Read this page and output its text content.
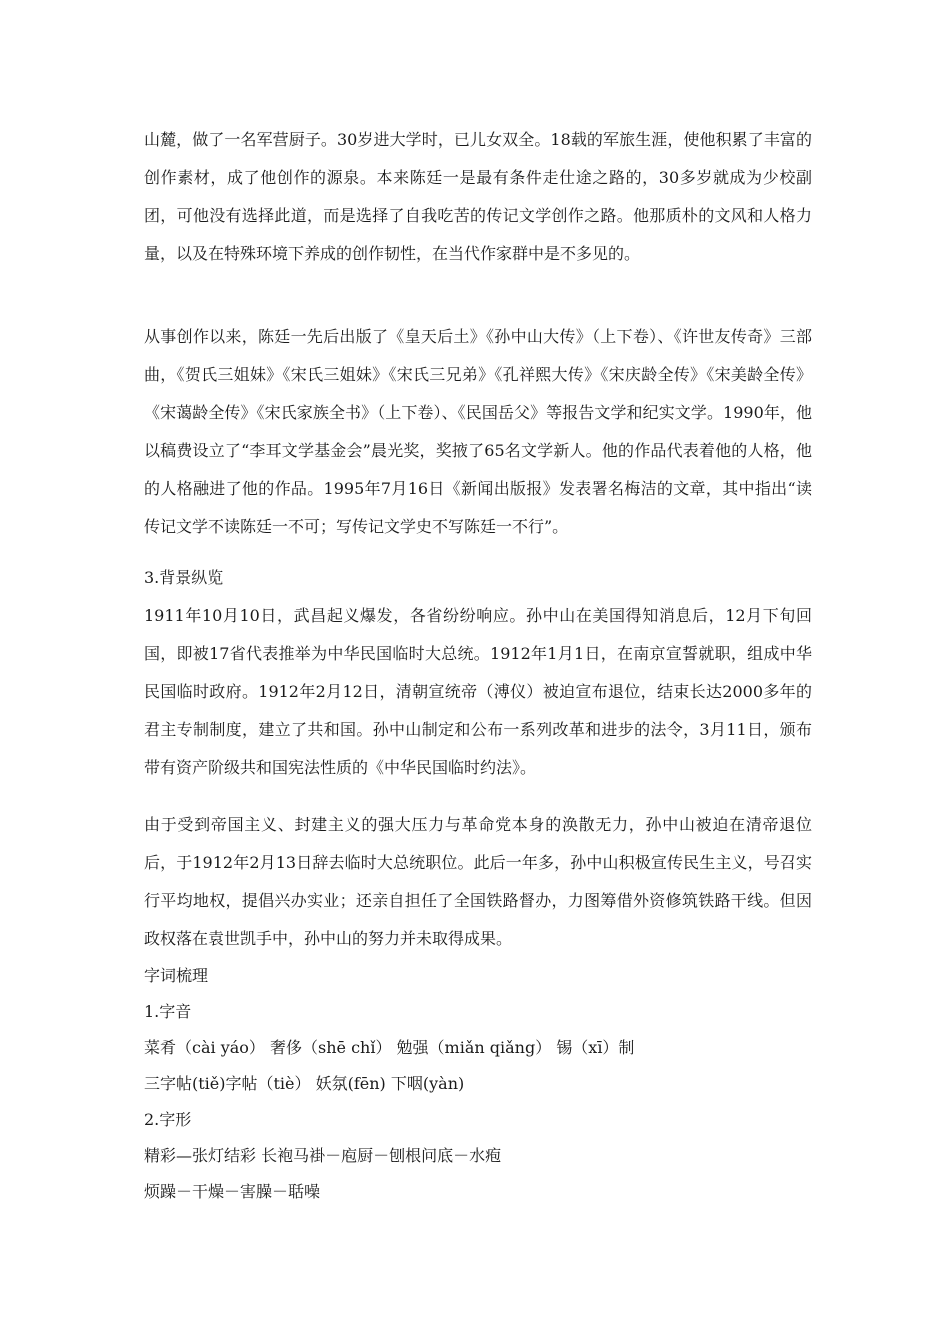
山麓，做了一名军营厨子。30岁进大学时，已儿女双全。18载的军旅生涯，使他积累了丰富的创作素材，成了他创作的源泉。本来陈廷一是最有条件走仕途之路的，30多岁就成为少校副团，可他没有选择此道，而是选择了自我吃苦的传记文学创作之路。他那质朴的文风和人格力量，以及在特殊环境下养成的创作韧性，在当代作家群中是不多见的。

从事创作以来，陈廷一先后出版了《皇天后土》《孙中山大传》（上下卷）、《许世友传奇》三部曲，《贺氏三姐妹》《宋氏三姐妹》《宋氏三兄弟》《孔祥熙大传》《宋庆龄全传》《宋美龄全传》《宋蔼龄全传》《宋氏家族全书》（上下卷）、《民国岳父》等报告文学和纪实文学。1990年，他以稿费设立了“李耳文学基金会”晨光奖，奖掖了65名文学新人。他的作品代表着他的人格，他的人格融进了他的作品。1995年7月16日《新闻出版报》发表署名梅洁的文章，其中指出“读传记文学不读陈廷一不可；写传记文学史不写陈廷一不行”。

3.背景纵览

1911年10月10日，武昌起义爆发，各省纷纷响应。孙中山在美国得知消息后，12月下旬回国，即被17省代表推举为中华民国临时大总统。1912年1月1日，在南京宣誓就职，组成中华民国临时政府。1912年2月12日，清朝宣统帝（溥仪）被迫宣布退位，结束长达2000多年的君主专制制度，建立了共和国。孙中山制定和公布一系列改革和进步的法令，3月11日，颁布带有资产阶级共和国宪法性质的《中华民国临时约法》。

由于受到帝国主义、封建主义的强大压力与革命党本身的涣散无力，孙中山被迫在清帝退位后，于1912年2月13日辞去临时大总统职位。此后一年多，孙中山积极宣传民生主义，号召实行平均地权，提倡兴办实业；还亲自担任了全国铁路督办，力图筹借外资修筑铁路干线。但因政权落在袁世凯手中，孙中山的努力并未取得成果。

字词梳理
1.字音
菜肴（cài yáo） 奢侈（shē chǐ） 勉强（miǎn qiǎng） 锡（xī）制
三字帖(tiě)字帖（tiè） 妖氛(fēn) 下咽(yàn)
2.字形
精彩—张灯结彩 长袍马褂－庖厨－刨根问底－水疱
烦躁－干燥－害臊－聒噪
